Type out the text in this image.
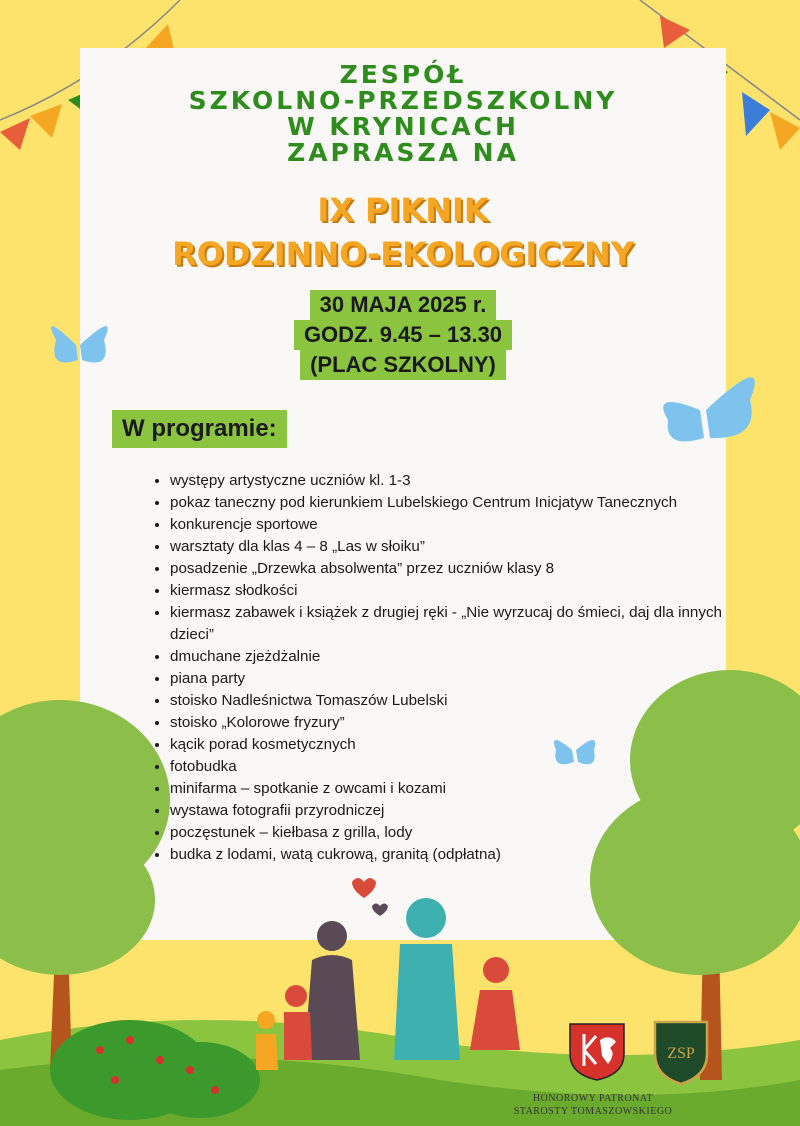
ZESPÓŁ
SZKOLNO-PRZEDSZKOLNY
W KRYNICACH
ZAPRASZA NA
IX PIKNIK
RODZINNO-EKOLOGICZNY
30 MAJA 2025 r.
GODZ. 9.45 – 13.30
(PLAC SZKOLNY)
W programie:
• występy artystyczne uczniów kl. 1-3
• pokaz taneczny pod kierunkiem Lubelskiego Centrum Inicjatyw Tanecznych
• konkurencje sportowe
• warsztaty dla klas 4 – 8 „Las w słoiku”
• posadzenie „Drzewka absolwenta” przez uczniów klasy 8
• kiermasz słodkości
• kiermasz zabawek i książek z drugiej ręki - „Nie wyrzucaj do śmieci, daj dla innych dzieci”
• dmuchane zjeżdżalnie
• piana party
• stoisko Nadleśnictwa Tomaszów Lubelski
• stoisko „Kolorowe fryzury”
• kącik porad kosmetycznych
• fotobudka
• minifarma – spotkanie z owcami i kozami
• wystawa fotografii przyrodniczej
• poczęstunek – kiełbasa z grilla, lody
• budka z lodami, watą cukrową, granitą (odpłatna)
ZSP
HONOROWY PATRONAT
STAROSTY TOMASZOWSKIEGO
